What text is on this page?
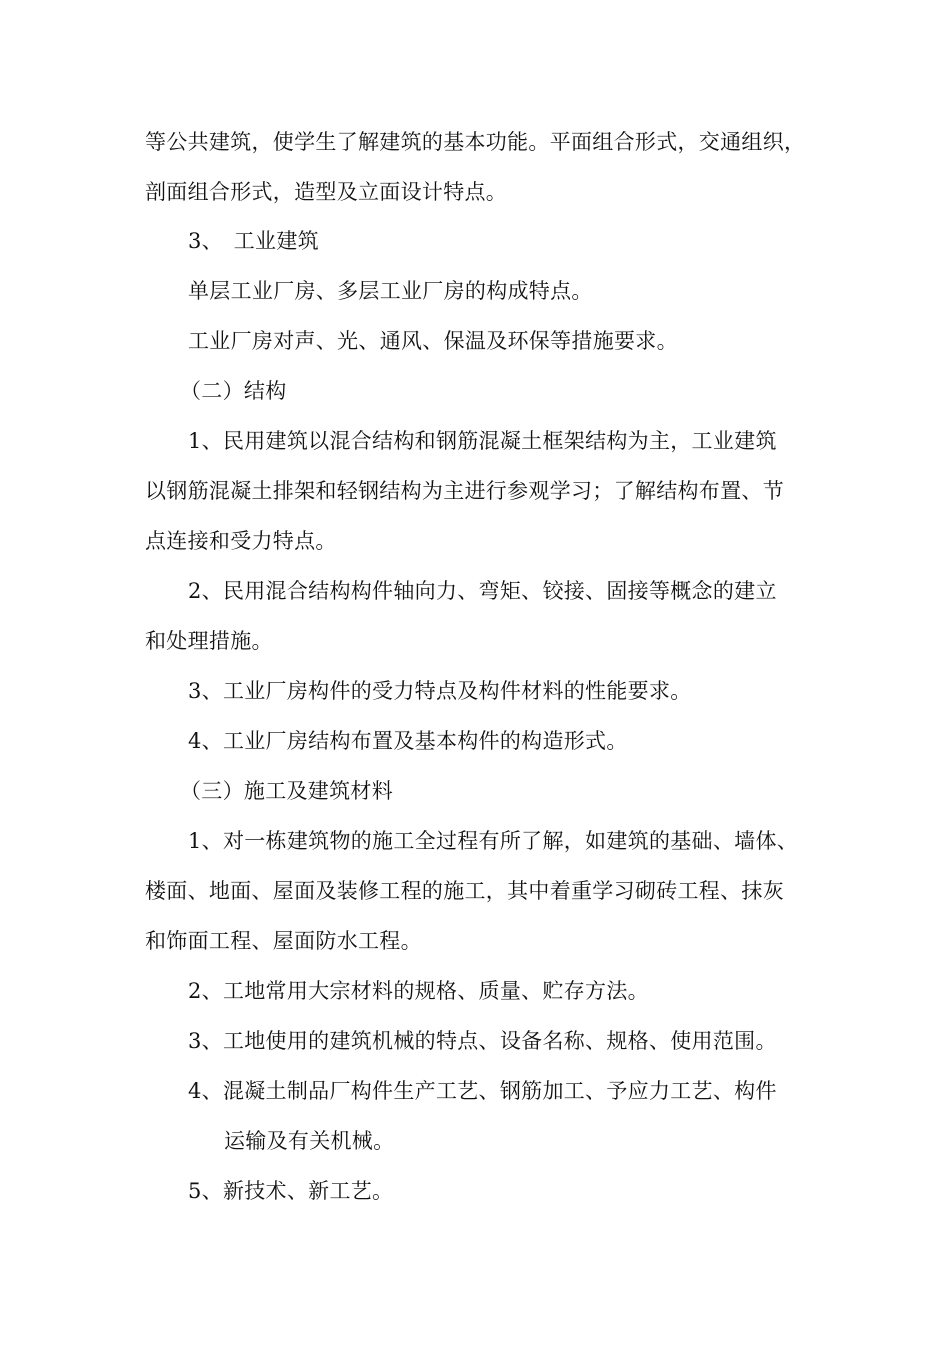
等公共建筑，使学生了解建筑的基本功能。平面组合形式，交通组织，
剖面组合形式，造型及立面设计特点。
3、　工业建筑
单层工业厂房、多层工业厂房的构成特点。
工业厂房对声、光、通风、保温及环保等措施要求。
（二）结构
1、民用建筑以混合结构和钢筋混凝土框架结构为主，工业建筑
以钢筋混凝土排架和轻钢结构为主进行参观学习；了解结构布置、节
点连接和受力特点。
2、民用混合结构构件轴向力、弯矩、铰接、固接等概念的建立
和处理措施。
3、工业厂房构件的受力特点及构件材料的性能要求。
4、工业厂房结构布置及基本构件的构造形式。
（三）施工及建筑材料
1、对一栋建筑物的施工全过程有所了解，如建筑的基础、墙体、
楼面、地面、屋面及装修工程的施工，其中着重学习砌砖工程、抹灰
和饰面工程、屋面防水工程。
2、工地常用大宗材料的规格、质量、贮存方法。
3、工地使用的建筑机械的特点、设备名称、规格、使用范围。
4、混凝土制品厂构件生产工艺、钢筋加工、予应力工艺、构件
运输及有关机械。
5、新技术、新工艺。
